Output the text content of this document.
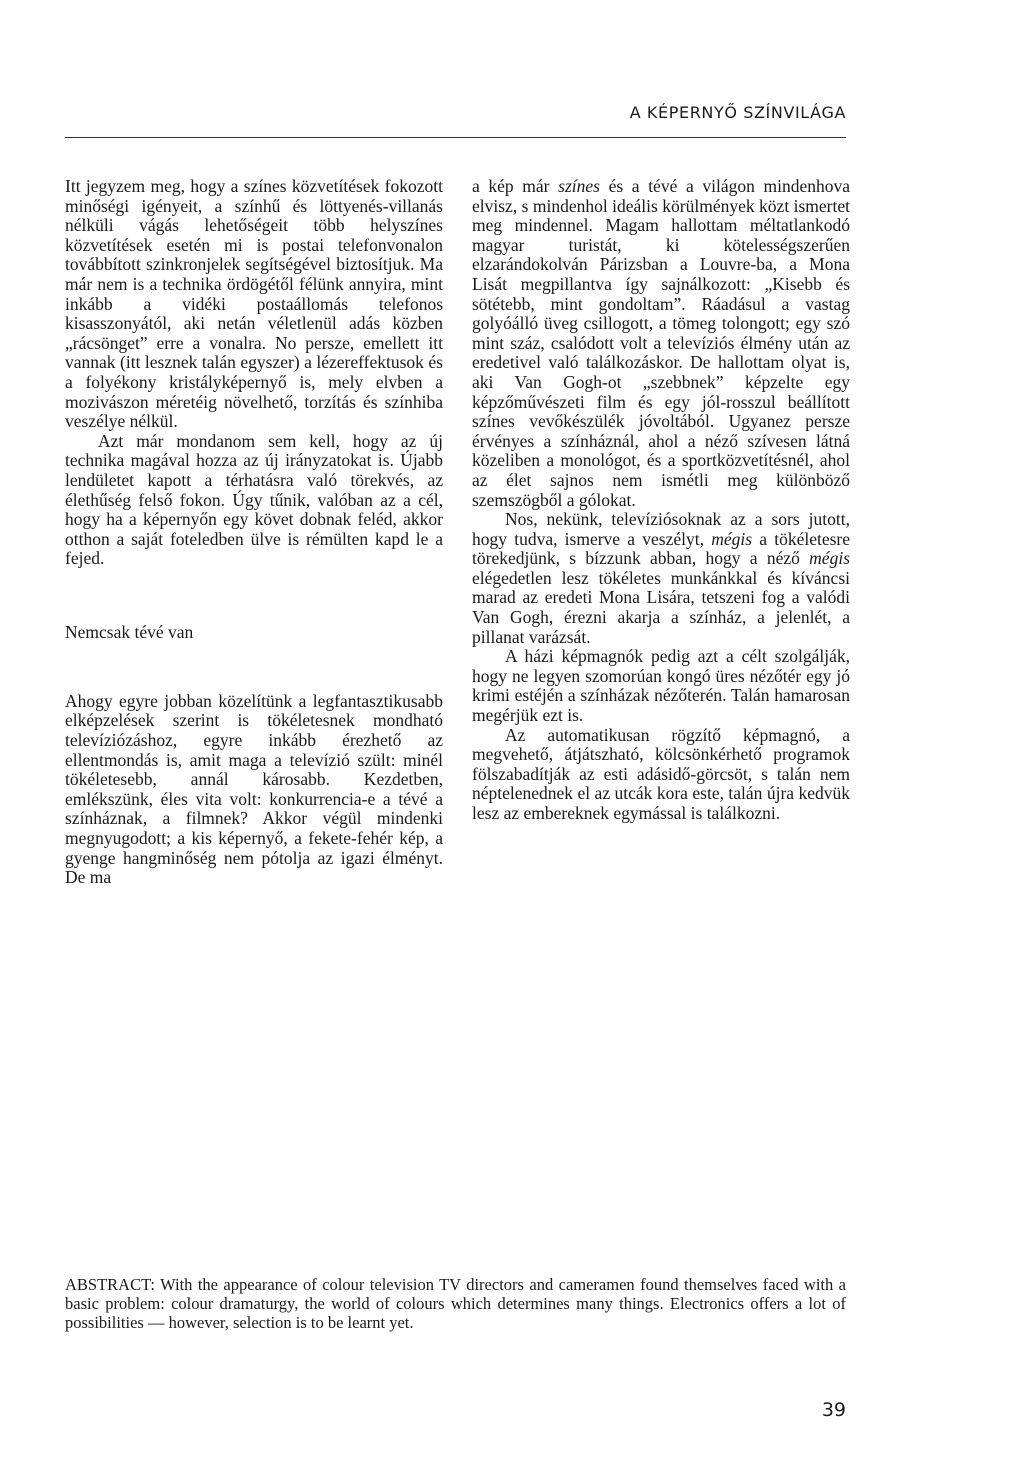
A KÉPERNYŐ SZÍNVILÁGA

Itt jegyzem meg, hogy a színes közvetítések fokozott minőségi igényeit, a színhű és löttyenés-villanás nélküli vágás lehetőségeit több helyszínes közvetítések esetén mi is postai telefonvonalon továbbított szinkronjelek segítségével biztosítjuk. Ma már nem is a technika ördögétől félünk annyira, mint inkább a vidéki postaállomás telefonos kisasszonyától, aki netán véletlenül adás közben „rácsönget” erre a vonalra. No persze, emellett itt vannak (itt lesznek talán egyszer) a lézereffektusok és a folyékony kristályképernyő is, mely elvben a mozivászon méretéig növelhető, torzítás és színhiba veszélye nélkül.

Azt már mondanom sem kell, hogy az új technika magával hozza az új irányzatokat is. Újabb lendületet kapott a térhatásra való törekvés, az élethűség felső fokon. Úgy tűnik, valóban az a cél, hogy ha a képernyőn egy követ dobnak feléd, akkor otthon a saját foteledben ülve is rémülten kapd le a fejed.

Nemcsak tévé van

Ahogy egyre jobban közelítünk a legfantasztikusabb elképzelések szerint is tökéletesnek mondható televíziózáshoz, egyre inkább érezhető az ellentmondás is, amit maga a televízió szült: minél tökéletesebb, annál károsabb. Kezdetben, emlékszünk, éles vita volt: konkurrencia-e a tévé a színháznak, a filmnek? Akkor végül mindenki megnyugodott; a kis képernyő, a fekete-fehér kép, a gyenge hangminőség nem pótolja az igazi élményt. De ma

a kép már színes és a tévé a világon mindenhova elvisz, s mindenhol ideális körülmények közt ismertet meg mindennel. Magam hallottam méltatlankodó magyar turistát, ki kötelességszerűen elzarándokolván Párizsban a Louvre-ba, a Mona Lisát megpillantva így sajnálkozott: „Kisebb és sötétebb, mint gondoltam”. Ráadásul a vastag golyóálló üveg csillogott, a tömeg tolongott; egy szó mint száz, csalódott volt a televíziós élmény után az eredetivel való találkozáskor. De hallottam olyat is, aki Van Gogh-ot „szebbnek” képzelte egy képzőművészeti film és egy jól-rosszul beállított színes vevőkészülék jóvoltából. Ugyanez persze érvényes a színháznál, ahol a néző szívesen látná közeliben a monológot, és a sportközvetítésnél, ahol az élet sajnos nem ismétli meg különböző szemszögből a gólokat.

Nos, nekünk, televíziósoknak az a sors jutott, hogy tudva, ismerve a veszélyt, mégis a tökéletesre törekedjünk, s bízzunk abban, hogy a néző mégis elégedetlen lesz tökéletes munkánkkal és kíváncsi marad az eredeti Mona Lisára, tetszeni fog a valódi Van Gogh, érezni akarja a színház, a jelenlét, a pillanat varázsát.

A házi képmagnók pedig azt a célt szolgálják, hogy ne legyen szomorúan kongó üres nézőtér egy jó krimi estéjén a színházak nézőterén. Talán hamarosan megérjük ezt is.

Az automatikusan rögzítő képmagnó, a megvehető, átjátszható, kölcsönkérhető programok fölszabadítják az esti adásidő-görcsöt, s talán nem néptelenednek el az utcák kora este, talán újra kedvük lesz az embereknek egymással is találkozni.

ABSTRACT: With the appearance of colour television TV directors and cameramen found themselves faced with a basic problem: colour dramaturgy, the world of colours which determines many things. Electronics offers a lot of possibilities — however, selection is to be learnt yet.

39
